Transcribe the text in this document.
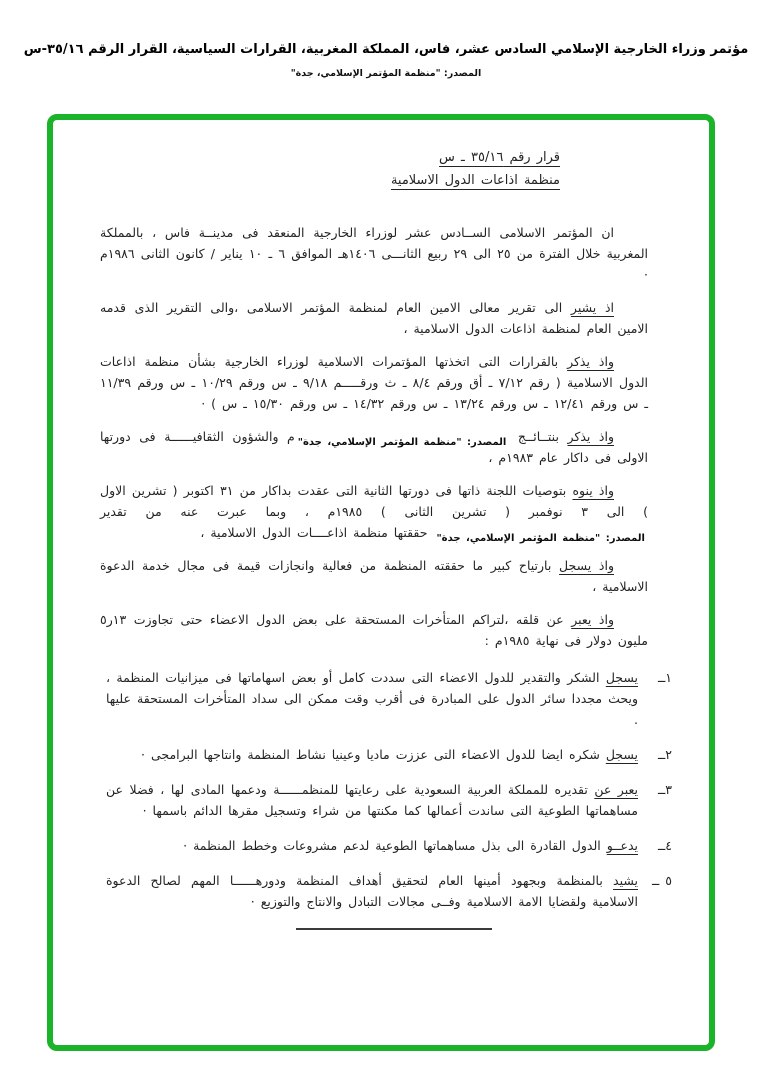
مؤتمر وزراء الخارجية الإسلامي السادس عشر، فاس، المملكة المغربية، القرارات السياسية، القرار الرقم ٣٥/١٦-س
المصدر: "منظمة المؤتمر الإسلامي، جدة"
قرار رقم ٣٥/١٦ ـ س
منظمة اذاعات الدول الاسلامية

ان المؤتمر الاسلامى الســادس عشر لوزراء الخارجية المنعقد فى مدينــة فاس ، بالمملكة المغربية خلال الفترة من ٢٥ الى ٢٩ ربيع الثانـــى ١٤٠٦هـ الموافق ٦ ـ ١٠ يناير / كانون الثانى ١٩٨٦م ·

اذ يشير الى تقرير معالى الامين العام لمنظمة المؤتمر الاسلامى ،والى التقرير الذى قدمه الامين العام لمنظمة اذاعات الدول الاسلامية ،

واذ يذكر بالقرارات التى اتخذتها المؤتمرات الاسلامية لوزراء الخارجية بشأن منظمة اذاعات الدول الاسلامية ( رقم ٧/١٢ ـ أق ورقم ٨/٤ ـ ث ورقـــــم ٩/١٨ ـ س ورقم ١٠/٢٩ ـ س ورقم ١١/٣٩ ـ س ورقم ١٢/٤١ ـ س ورقم ١٣/٢٤ ـ س ورقم ١٤/٣٢ ـ س ورقم ١٥/٣٠ ـ س ) ·

واذ يذكر بنتــائــج المصدر: "منظمة المؤتمر الإسلامي، جدة"م والشؤون الثقافيــــــة فى دورتها الاولى فى داكار عام ١٩٨٣م ،

واذ ينوه بتوصيات اللجنة ذاتها فى دورتها الثانية التى عقدت بداكار من ٣١ اكتوبر ( تشرين الاول ) الى ٣ نوفمبر ( تشرين الثانى ) ١٩٨٥م ، وبما عبرت عنه من تقدير المصدر: "منظمة المؤتمر الإسلامي، جدة" حققتها منظمة اذاعــــات الدول الاسلامية ،

واذ يسجل بارتياح كبير ما حققته المنظمة من فعالية وانجازات قيمة فى مجال خدمة الدعوة الاسلامية ،

واذ يعبر عن قلقه ،لتراكم المتأخرات المستحقة على بعض الدول الاعضاء حتى تجاوزت ١٣ر٥ مليون دولار فى نهاية ١٩٨٥م :

١ــ
يسجل الشكر والتقدير للدول الاعضاء التى سددت كامل أو بعض اسهاماتها فى ميزانيات المنظمة ، ويحث مجددا سائر الدول على المبادرة فى أقرب وقت ممكن الى سداد المتأخرات المستحقة عليها .
٢ــ
يسجل شكره ايضا للدول الاعضاء التى عززت ماديا وعينيا نشاط المنظمة وانتاجها البرامجى ·
٣ــ
يعبر عن تقديره للمملكة العربية السعودية على رعايتها للمنظمــــــة ودعمها المادى لها ، فضلا عن مساهماتها الطوعية التى ساندت أعمالها كما مكنتها من شراء وتسجيل مقرها الدائم باسمها ·
٤ــ
يدعــو الدول القادرة الى بذل مساهماتها الطوعية لدعم مشروعات وخطط المنظمة ·
٥ ــ
يشيد بالمنظمة وبجهود أمينها العام لتحقيق أهداف المنظمة ودورهــــــا المهم لصالح الدعوة الاسلامية ولقضايا الامة الاسلامية وفــى مجالات التبادل والانتاج والتوزيع ·
